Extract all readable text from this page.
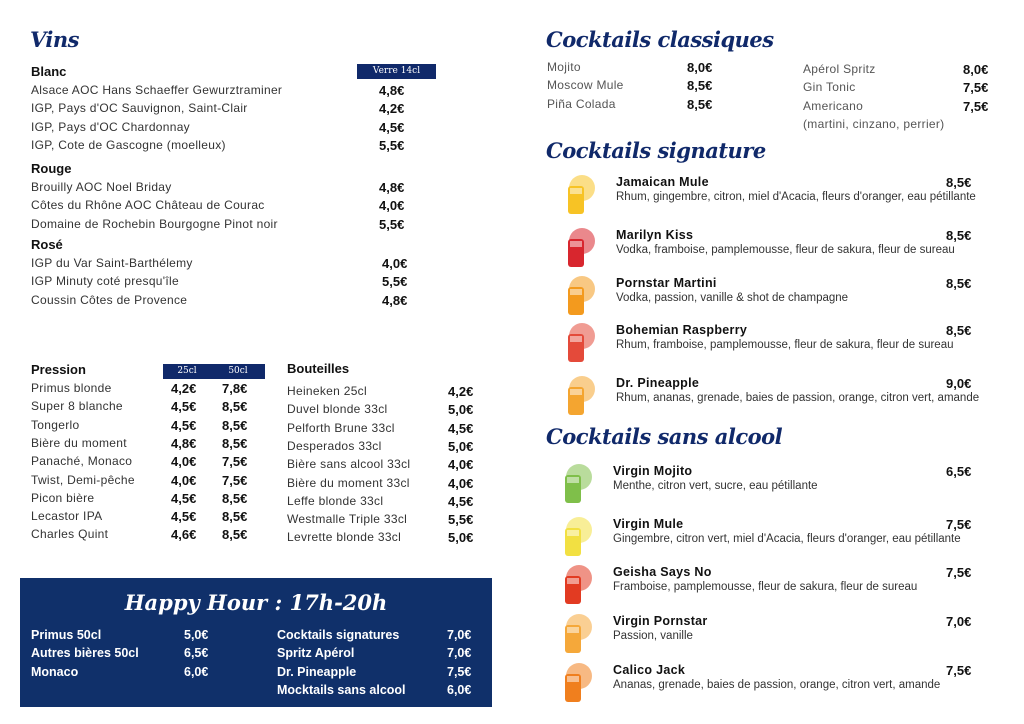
Vins
Verre 14cl
Blanc
Alsace AOC Hans Schaeffer Gewurztraminer	4,8€
IGP, Pays d'OC Sauvignon, Saint-Clair	4,2€
IGP, Pays d'OC Chardonnay	4,5€
IGP, Cote de Gascogne (moelleux)	5,5€
Rouge
Brouilly AOC Noel Briday	4,8€
Côtes du Rhône AOC Château de Courac	4,0€
Domaine de Rochebin Bourgogne Pinot noir	5,5€
Rosé
IGP du Var Saint-Barthélemy	4,0€
IGP Minuty coté presqu'île	5,5€
Coussin Côtes de Provence	4,8€
Pression	25cl	50cl
Primus blonde	4,2€ 7,8€
Super 8 blanche	4,5€ 8,5€
Tongerlo	4,5€ 8,5€
Bière du moment	4,8€ 8,5€
Panaché, Monaco	4,0€ 7,5€
Twist, Demi-pêche	4,0€ 7,5€
Picon bière	4,5€ 8,5€
Lecastor IPA	4,5€ 8,5€
Charles Quint	4,6€ 8,5€
Bouteilles
Heineken 25cl	4,2€
Duvel blonde 33cl	5,0€
Pelforth Brune 33cl	4,5€
Desperados 33cl	5,0€
Bière sans alcool 33cl	4,0€
Bière du moment 33cl	4,0€
Leffe blonde 33cl	4,5€
Westmalle Triple 33cl	5,5€
Levrette blonde 33cl	5,0€
Happy Hour : 17h-20h
Primus 50cl	5,0€
Autres bières 50cl	6,5€
Monaco	6,0€
Cocktails signatures	7,0€
Spritz Apérol	7,0€
Dr. Pineapple	7,5€
Mocktails sans alcool	6,0€
Cocktails classiques
Mojito	8,0€
Moscow Mule	8,5€
Piña Colada	8,5€
Apérol Spritz	8,0€
Gin Tonic	7,5€
Americano	7,5€
(martini, cinzano, perrier)
Cocktails signature
Jamaican Mule	8,5€
Rhum, gingembre, citron, miel d'Acacia, fleurs d'oranger, eau pétillante
Marilyn Kiss	8,5€
Vodka, framboise, pamplemousse, fleur de sakura, fleur de sureau
Pornstar Martini	8,5€
Vodka, passion, vanille & shot de champagne
Bohemian Raspberry	8,5€
Rhum, framboise, pamplemousse, fleur de sakura, fleur de sureau
Dr. Pineapple	9,0€
Rhum, ananas, grenade, baies de passion, orange, citron vert, amande
Cocktails sans alcool
Virgin Mojito	6,5€
Menthe, citron vert, sucre, eau pétillante
Virgin Mule	7,5€
Gingembre, citron vert, miel d'Acacia, fleurs d'oranger, eau pétillante
Geisha Says No	7,5€
Framboise, pamplemousse, fleur de sakura, fleur de sureau
Virgin Pornstar	7,0€
Passion, vanille
Calico Jack	7,5€
Ananas, grenade, baies de passion, orange, citron vert, amande
